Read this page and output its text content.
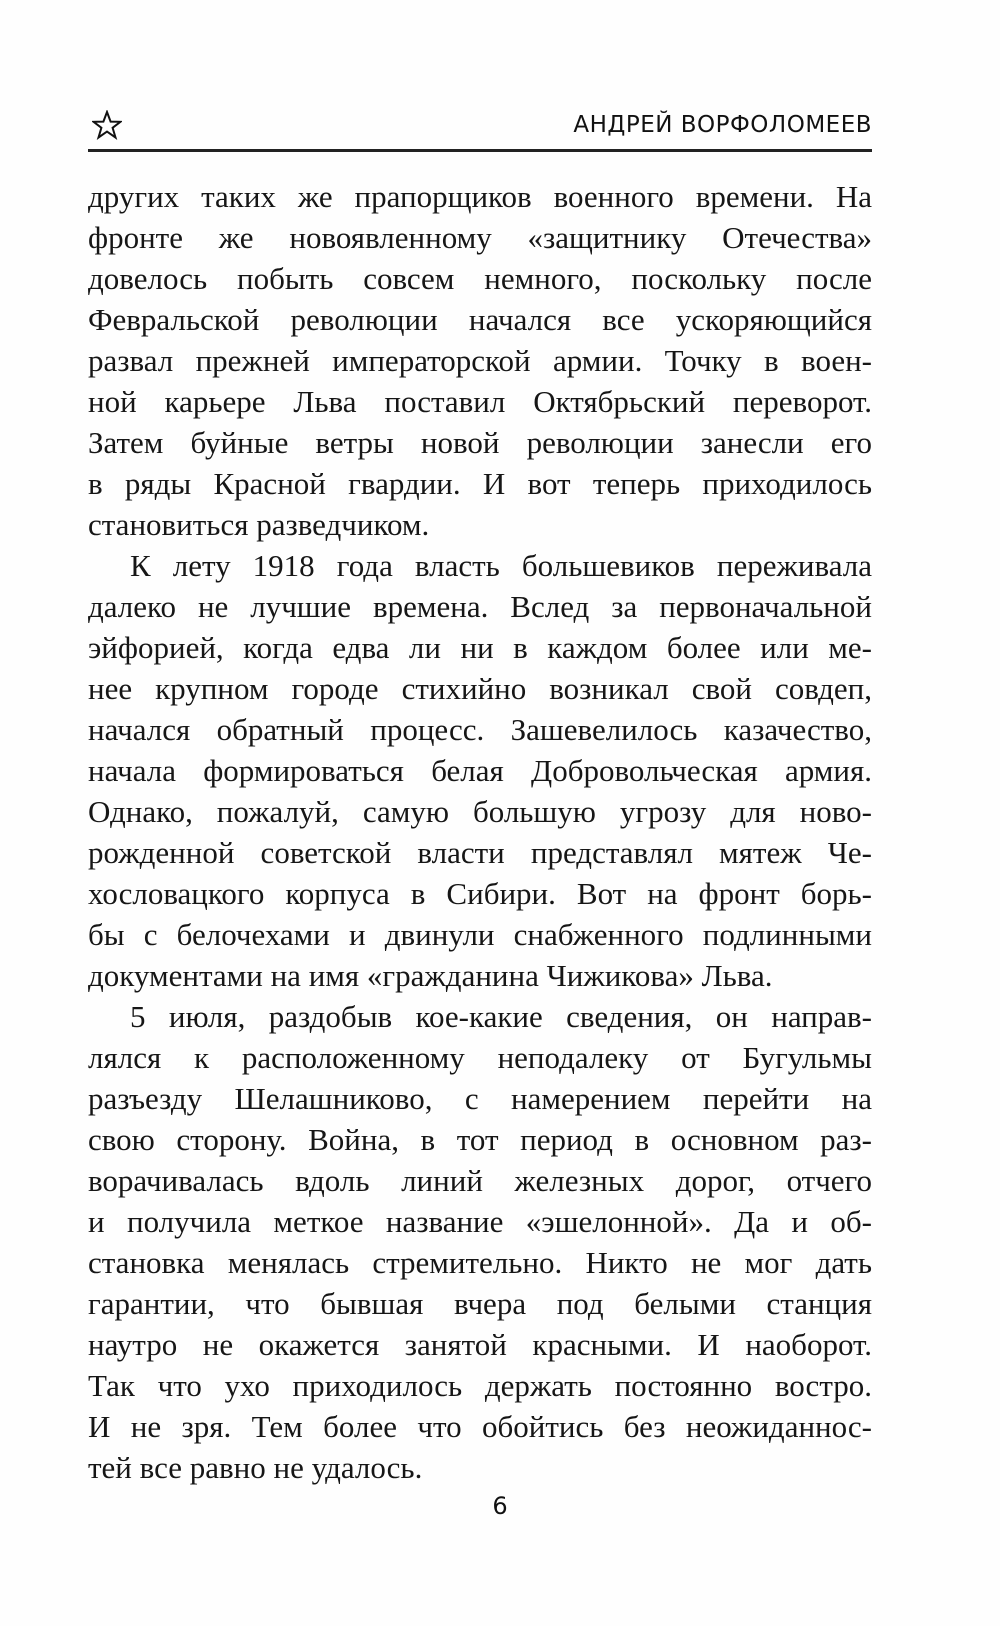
АНДРЕЙ ВОРФОЛОМЕЕВ
других таких же прапорщиков военного времени. На
фронте же новоявленному «защитнику Отечества»
довелось побыть совсем немного, поскольку после
Февральской революции начался все ускоряющийся
развал прежней императорской армии. Точку в воен-
ной карьере Льва поставил Октябрьский переворот.
Затем буйные ветры новой революции занесли его
в ряды Красной гвардии. И вот теперь приходилось
становиться разведчиком.
К лету 1918 года власть большевиков переживала
далеко не лучшие времена. Вслед за первоначальной
эйфорией, когда едва ли ни в каждом более или ме-
нее крупном городе стихийно возникал свой совдеп,
начался обратный процесс. Зашевелилось казачество,
начала формироваться белая Добровольческая армия.
Однако, пожалуй, самую большую угрозу для ново-
рожденной советской власти представлял мятеж Че-
хословацкого корпуса в Сибири. Вот на фронт борь-
бы с белочехами и двинули снабженного подлинными
документами на имя «гражданина Чижикова» Льва.
5 июля, раздобыв кое-какие сведения, он направ-
лялся к расположенному неподалеку от Бугульмы
разъезду Шелашниково, с намерением перейти на
свою сторону. Война, в тот период в основном раз-
ворачивалась вдоль линий железных дорог, отчего
и получила меткое название «эшелонной». Да и об-
становка менялась стремительно. Никто не мог дать
гарантии, что бывшая вчера под белыми станция
наутро не окажется занятой красными. И наоборот.
Так что ухо приходилось держать постоянно востро.
И не зря. Тем более что обойтись без неожиданнос-
тей все равно не удалось.
6
